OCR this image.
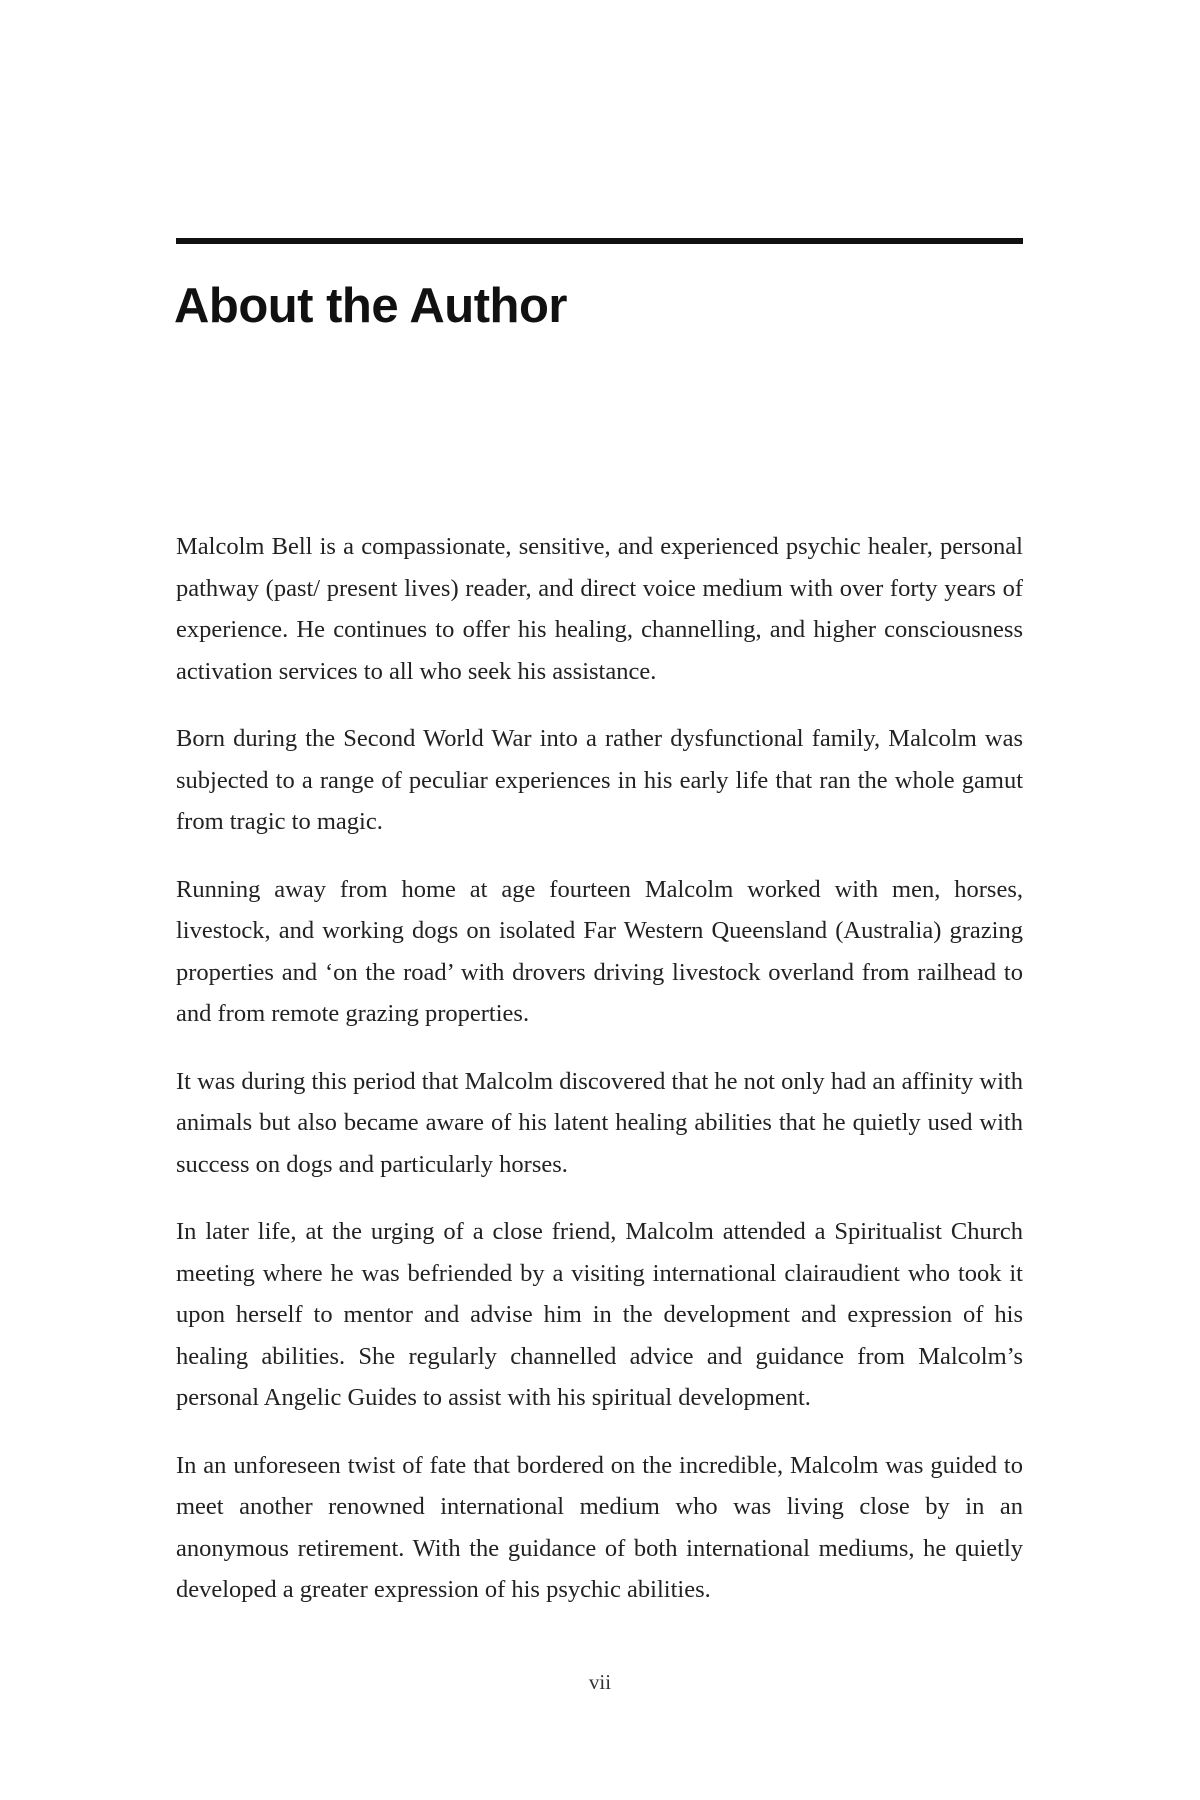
About the Author

Malcolm Bell is a compassionate, sensitive, and experienced psychic healer, personal pathway (past/ present lives) reader, and direct voice medium with over forty years of experience. He continues to offer his healing, channelling, and higher consciousness activation services to all who seek his assistance.

Born during the Second World War into a rather dysfunctional family, Malcolm was subjected to a range of peculiar experiences in his early life that ran the whole gamut from tragic to magic.

Running away from home at age fourteen Malcolm worked with men, horses, livestock, and working dogs on isolated Far Western Queensland (Australia) grazing properties and ‘on the road’ with drovers driving livestock overland from railhead to and from remote grazing properties.

It was during this period that Malcolm discovered that he not only had an affinity with animals but also became aware of his latent healing abilities that he quietly used with success on dogs and particularly horses.

In later life, at the urging of a close friend, Malcolm attended a Spiritualist Church meeting where he was befriended by a visiting international clairaudient who took it upon herself to mentor and advise him in the development and expression of his healing abilities. She regularly channelled advice and guidance from Malcolm’s personal Angelic Guides to assist with his spiritual development.

In an unforeseen twist of fate that bordered on the incredible, Malcolm was guided to meet another renowned international medium who was living close by in an anonymous retirement. With the guidance of both international mediums, he quietly developed a greater expression of his psychic abilities.

vii
